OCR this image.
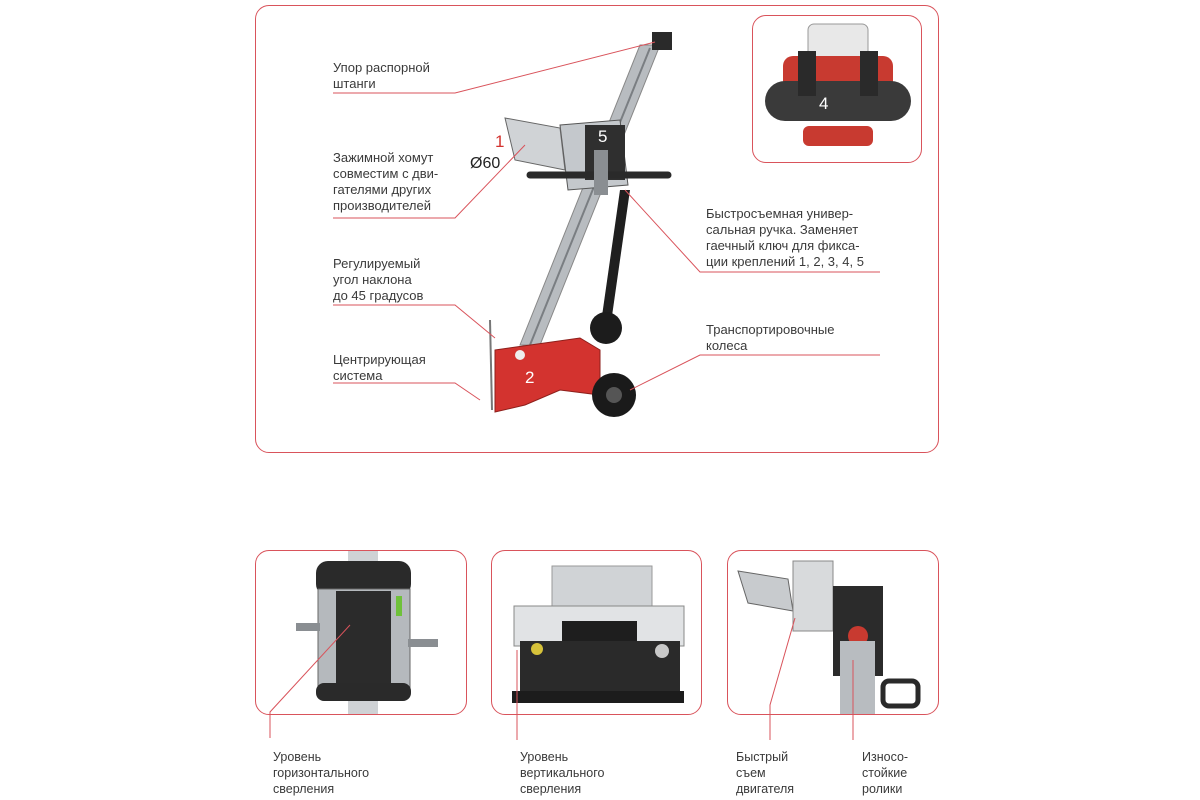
4
1
Ø60
5
2
Упор распорной
штанги
Зажимной хомут
совместим с дви-
гателями других
производителей
Регулируемый
угол наклона
до 45 градусов
Центрирующая
система
Быстросъемная универ-
сальная ручка. Заменяет
гаечный ключ для фикса-
ции креплений 1, 2, 3, 4, 5
Транспортировочные
колеса
Уровень
горизонтального
сверления
Уровень
вертикального
сверления
Быстрый
съем
двигателя
Износо-
стойкие
ролики
